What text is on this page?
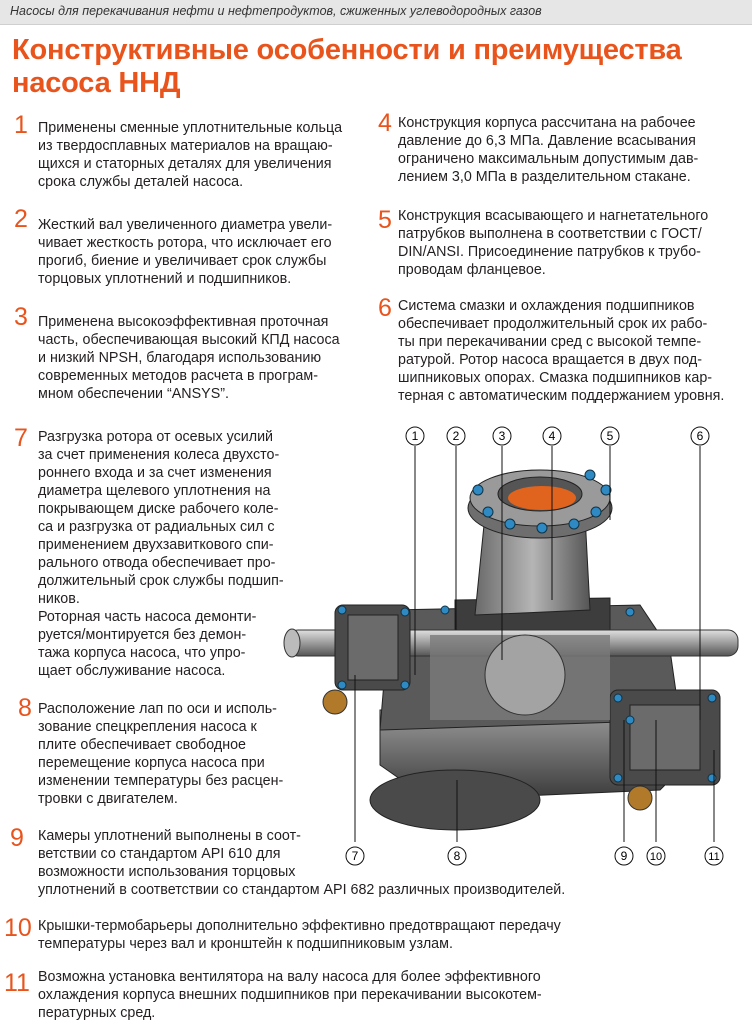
Насосы для перекачивания нефти и нефтепродуктов, сжиженных углеводородных газов
Конструктивные особенности и преимущества
насоса ННД
1
2
3
4
5
6
7
8
9
10
11

Применены сменные уплотнительные кольца

из твердосплавных материалов на вращаю-

щихся и статорных деталях для увеличения

срока службы деталей насоса.

Жесткий вал увеличенного диаметра увели-

чивает жесткость ротора, что исключает его

прогиб, биение и увеличивает срок службы

торцовых уплотнений и подшипников.

Применена высокоэффективная проточная

часть, обеспечивающая высокий КПД насоса

и низкий NPSH, благодаря использованию

современных методов расчета в програм-

мном обеспечении “ANSYS”.

Конструкция корпуса рассчитана на рабочее

давление до 6,3 МПа. Давление всасывания

ограничено максимальным допустимым дав-

лением 3,0 МПа в разделительном стакане.

Конструкция всасывающего и нагнетательного

патрубков выполнена в соответствии с ГОСТ/

DIN/ANSI. Присоединение патрубков к трубо-

проводам фланцевое.

Система смазки и охлаждения подшипников

обеспечивает продолжительный срок их рабо-

ты при перекачивании сред с высокой темпе-

ратурой. Ротор насоса вращается в двух под-

шипниковых опорах. Смазка подшипников кар-

терная с автоматическим поддержанием уровня.

Разгрузка ротора от осевых усилий

за счет применения колеса двухсто-

роннего входа и за счет изменения

диаметра щелевого уплотнения на

покрывающем диске рабочего коле-

са и разгрузка от радиальных сил с

применением двухзавиткового спи-

рального отвода обеспечивает про-

должительный срок службы подшип-

ников.

Роторная часть насоса демонти-

руется/монтируется без демон-

тажа корпуса насоса, что упро-

щает обслуживание насоса.

Расположение лап по оси и исполь-

зование спецкрепления насоса к

плите обеспечивает свободное

перемещение корпуса насоса при

изменении температуры без расцен-

тровки с двигателем.

Камеры уплотнений выполнены в соот-

ветствии со стандартом API 610 для

возможности использования торцовых

уплотнений в соответствии со стандартом API 682 различных производителей.

Крышки-термобарьеры дополнительно эффективно предотвращают передачу

температуры через вал и кронштейн к подшипниковым узлам.

Возможна установка вентилятора на валу насоса для более эффективного

охлаждения корпуса внешних подшипников при перекачивании высокотем-

пературных сред.

1	2	3	4	5	6
7	8	9 10	11
